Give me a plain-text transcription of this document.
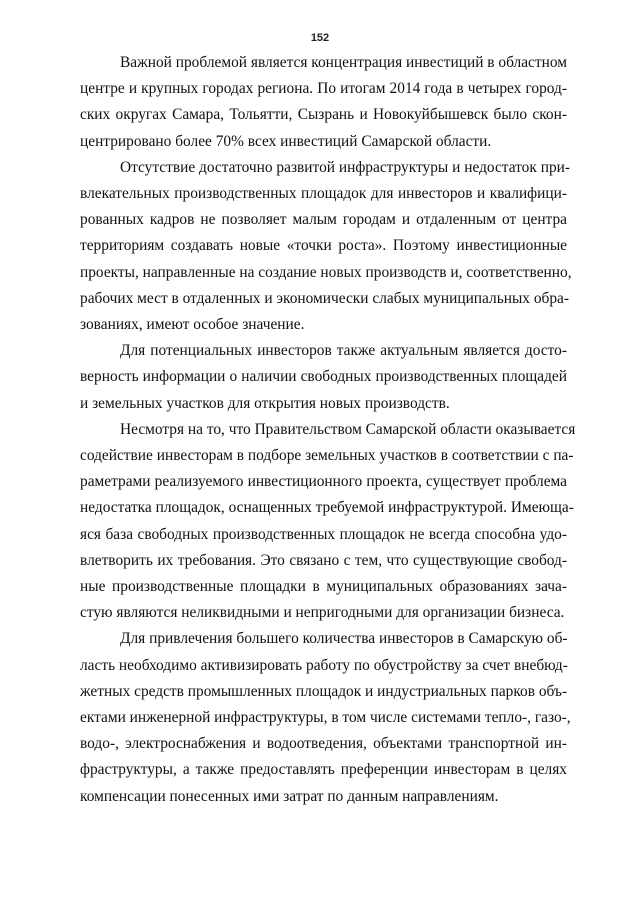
152
Важной проблемой является концентрация инвестиций в областном
центре и крупных городах региона. По итогам 2014 года в четырех город-
ских округах Самара, Тольятти, Сызрань и Новокуйбышевск было скон-
центрировано более 70% всех инвестиций Самарской области.
Отсутствие достаточно развитой инфраструктуры и недостаток при-
влекательных производственных площадок для инвесторов и квалифици-
рованных кадров не позволяет малым городам и отдаленным от центра
территориям создавать новые «точки роста». Поэтому инвестиционные
проекты, направленные на создание новых производств и, соответственно,
рабочих мест в отдаленных и экономически слабых муниципальных обра-
зованиях, имеют особое значение.
Для потенциальных инвесторов также актуальным является досто-
верность информации о наличии свободных производственных площадей
и земельных участков для открытия новых производств.
Несмотря на то, что Правительством Самарской области оказывается
содействие инвесторам в подборе земельных участков в соответствии с па-
раметрами реализуемого инвестиционного проекта, существует проблема
недостатка площадок, оснащенных требуемой инфраструктурой. Имеюща-
яся база свободных производственных площадок не всегда способна удо-
влетворить их требования. Это связано с тем, что существующие свобод-
ные производственные площадки в муниципальных образованиях зача-
стую являются неликвидными и непригодными для организации бизнеса.
Для привлечения большего количества инвесторов в Самарскую об-
ласть необходимо активизировать работу по обустройству за счет внебюд-
жетных средств промышленных площадок и индустриальных парков объ-
ектами инженерной инфраструктуры, в том числе системами тепло-, газо-,
водо-, электроснабжения и водоотведения, объектами транспортной ин-
фраструктуры, а также предоставлять преференции инвесторам в целях
компенсации понесенных ими затрат по данным направлениям.
